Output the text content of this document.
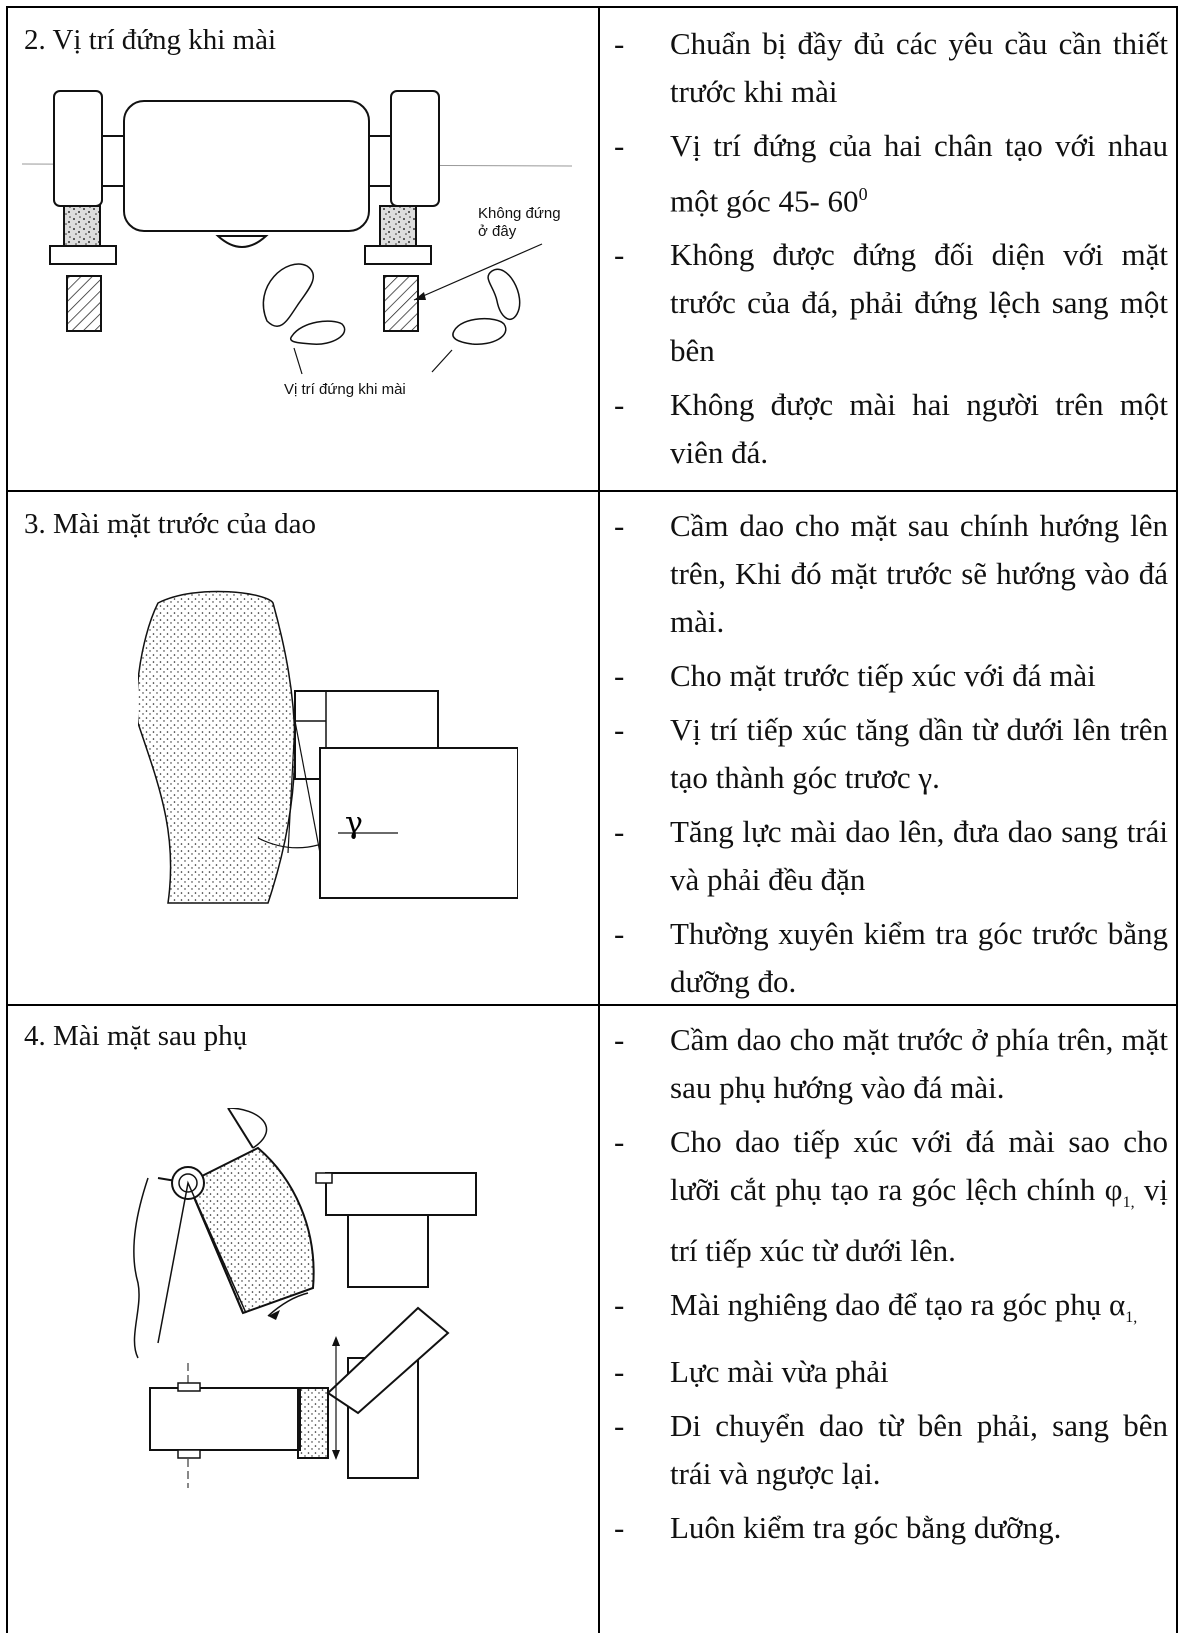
2. Vị trí đứng khi mài
Không đứng
ở đây
Vị trí đứng khi mài
- Chuẩn bị đầy đủ các yêu cầu cần thiết trước khi mài
- Vị trí đứng của hai chân tạo với nhau một góc 45- $60^0$
- Không được đứng đối diện với mặt trước của đá, phải đứng lệch sang một bên
- Không được mài hai người trên một viên đá.
3. Mài mặt trước của dao
γ
- Cầm dao cho mặt sau chính hướng lên trên, Khi đó mặt trước sẽ hướng vào đá mài.
- Cho mặt trước tiếp xúc với đá mài
- Vị trí tiếp xúc tăng dần từ dưới lên trên tạo thành góc trươc γ.
- Tăng lực mài dao lên, đưa dao sang trái và phải đều đặn
- Thường xuyên kiểm tra góc trước bằng dưỡng đo.
4. Mài mặt sau phụ	- Cầm dao cho mặt trước ở phía trên, mặt sau phụ hướng vào đá mài.
- Cho dao tiếp xúc với đá mài sao cho lưỡi cắt phụ tạo ra góc lệch chính $\varphi_{1,}$ vị trí tiếp xúc từ dưới lên.
- Mài nghiêng dao để tạo ra góc phụ $\alpha_{1,}$
- Lực mài vừa phải
- Di chuyển dao từ bên phải, sang bên trái và ngược lại.
- Luôn kiểm tra góc bằng dưỡng.
